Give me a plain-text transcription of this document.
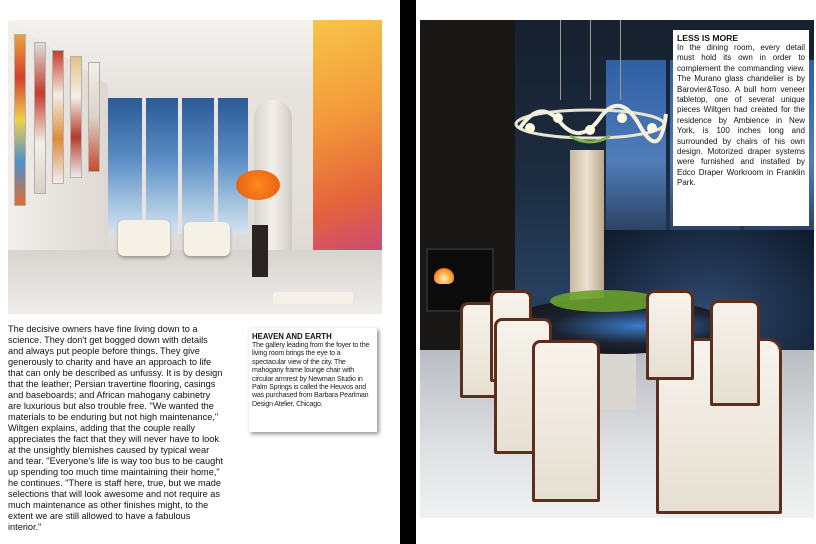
The decisive owners have fine living down to a science. They don't get bogged down with details and always put people before things. They give generously to charity and have an approach to life that can only be described as unfussy. It is by design that the leather; Persian travertine flooring, casings and baseboards; and African mahogany cabinetry are luxurious but also trouble free. "We wanted the materials to be enduring but not high maintenance," Wiltgen explains, adding that the couple really appreciates the fact that they will never have to look at the unsightly blemishes caused by typical wear and tear. "Everyone's life is way too bus to be caught up spending too much time maintaining their home," he continues. "There is staff here, true, but we made selections that will look awesome and not require as much maintenance as other finishes might, to the extent we are still allowed to have a fabulous interior."

HEAVEN AND EARTH
The gallery leading from the foyer to the living room brings the eye to a spectacular view of the city. The mahogany frame lounge chair with circular armrest by Newman Studio in Palm Springs is called the Heuvos and was purchased from Barbara Pearlman Design Atelier, Chicago.
LESS IS MORE
In the dining room, every detail must hold its own in order to complement the commanding view. The Murano glass chandelier is by Barovier&Toso. A bull horn veneer tabletop, one of several unique pieces Wiltgen had created for the residence by Ambience in New York, is 100 inches long and surrounded by chairs of his own design. Motorized draper systems were furnished and installed by Edco Draper Workroom in Franklin Park.
